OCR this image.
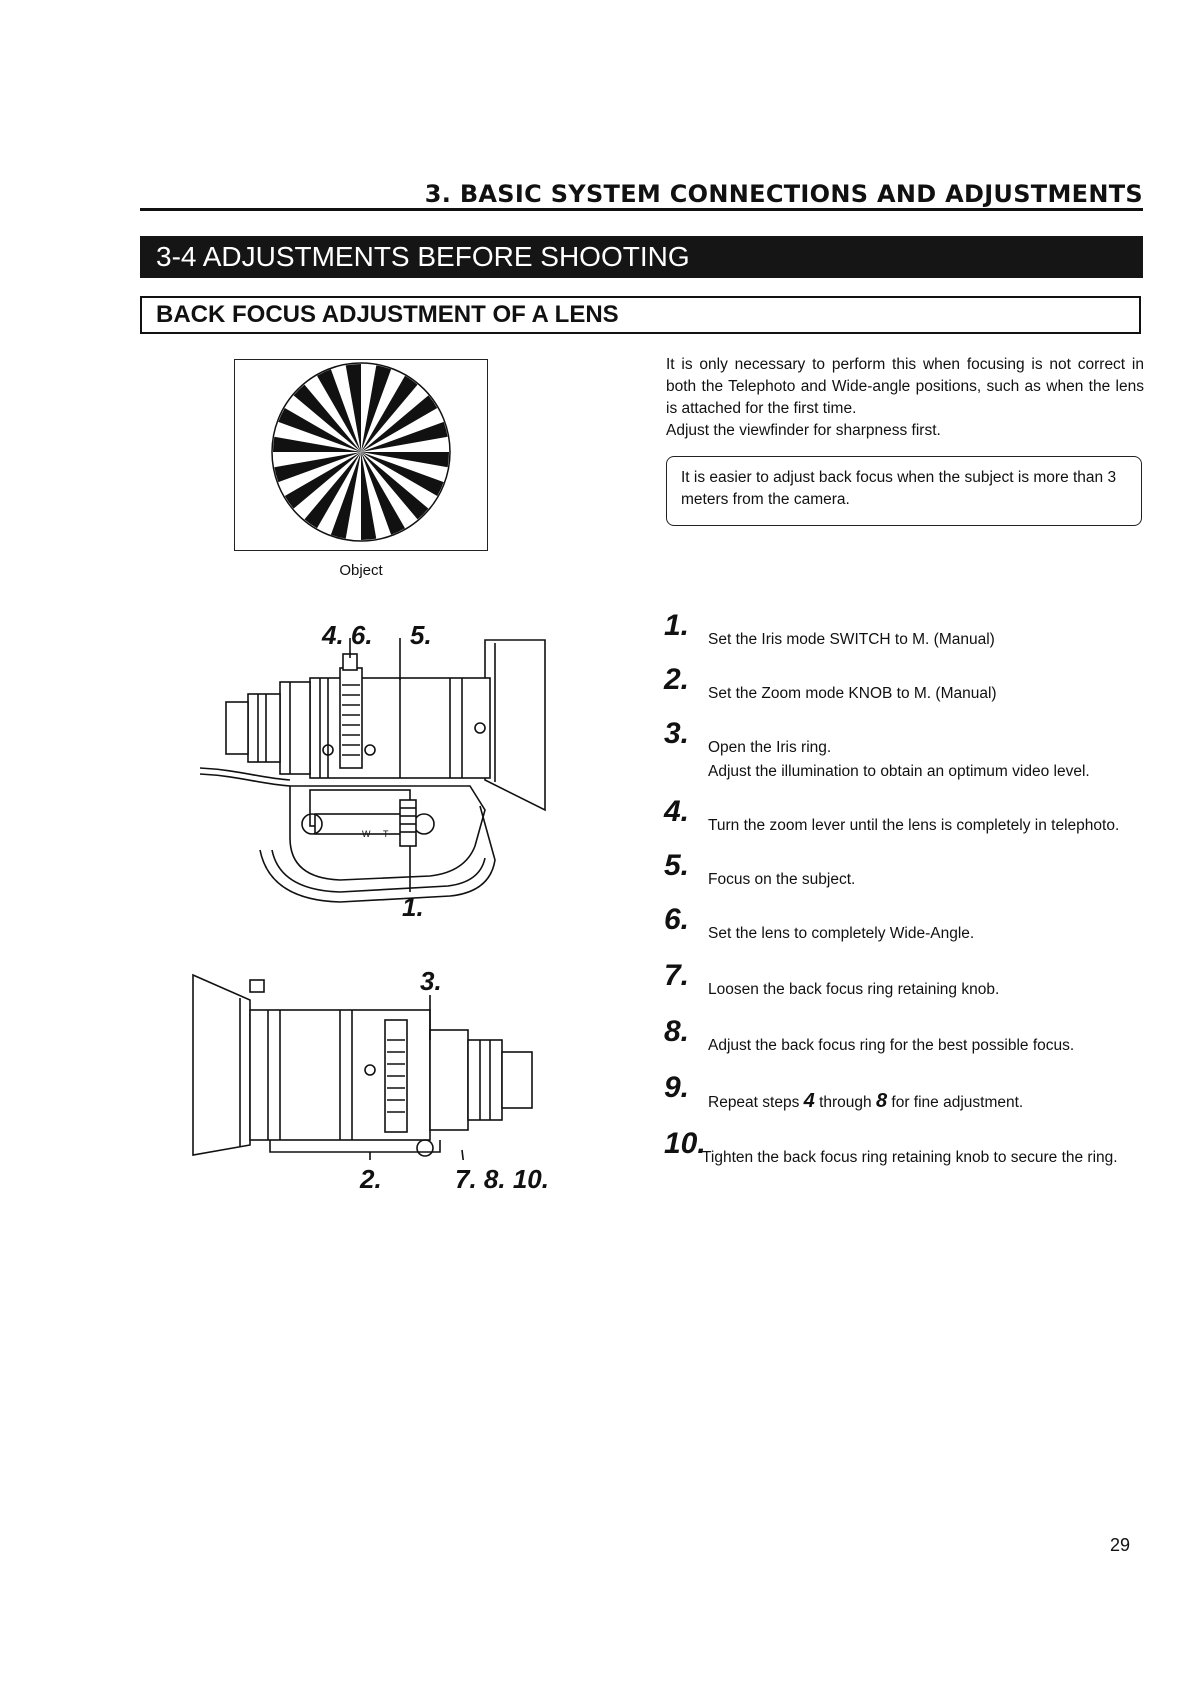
3. BASIC SYSTEM CONNECTIONS AND ADJUSTMENTS
3-4 ADJUSTMENTS BEFORE SHOOTING
BACK FOCUS ADJUSTMENT OF A LENS
Object

It is only necessary to perform this when focusing is not correct in both the Telephoto and Wide-angle positions, such as when the lens is attached for the first time.

Adjust the viewfinder for sharpness first.

It is easier to adjust back focus when the subject is more than 3 meters from the camera.
W T
4. 6. 5.
1.
3.
2.	7. 8. 10.
1. Set the Iris mode SWITCH to M. (Manual)
2. Set the Zoom mode KNOB to M. (Manual)
3. Open the Iris ring.
Adjust the illumination to obtain an optimum video level.
4. Turn the zoom lever until the lens is completely in telephoto.
5. Focus on the subject.
6. Set the lens to completely Wide-Angle.
7. Loosen the back focus ring retaining knob.
8. Adjust the back focus ring for the best possible focus.
9. Repeat steps 4 through 8 for fine adjustment.
10.
Tighten the back focus ring retaining knob to secure the ring.
29
